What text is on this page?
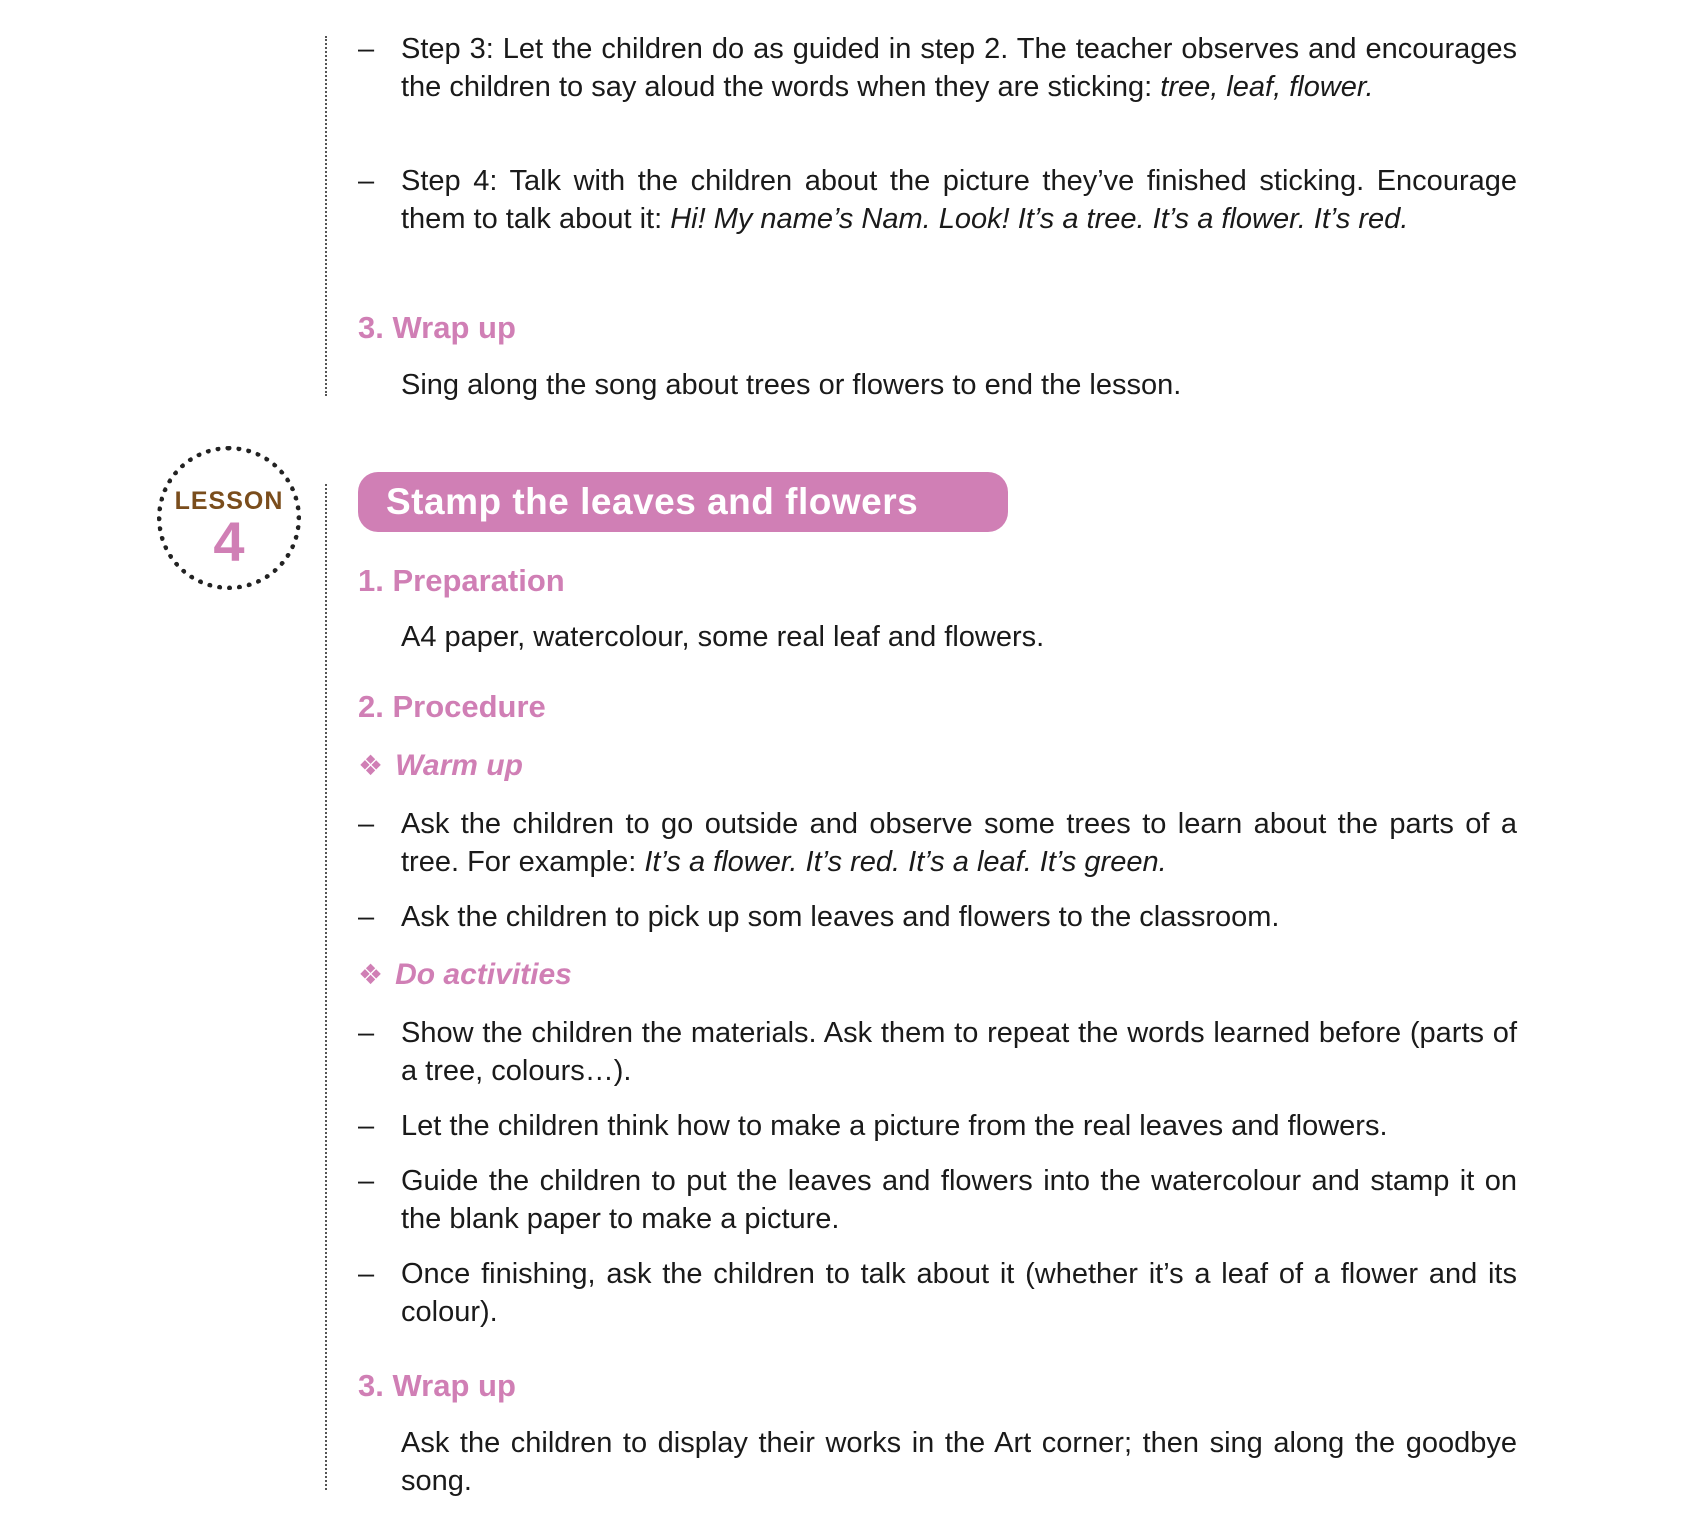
– Step 3: Let the children do as guided in step 2. The teacher observes and encourages the children to say aloud the words when they are sticking: tree, leaf, flower.
– Step 4: Talk with the children about the picture they’ve finished sticking. Encourage them to talk about it: Hi! My name’s Nam. Look! It’s a tree. It’s a flower. It’s red.
3. Wrap up

Sing along the song about trees or flowers to end the lesson.

LESSON
4
Stamp the leaves and flowers
1. Preparation

A4 paper, watercolour, some real leaf and flowers.

2. Procedure
❖ Warm up
– Ask the children to go outside and observe some trees to learn about the parts of a tree. For example: It’s a flower. It’s red. It’s a leaf. It’s green.
– Ask the children to pick up som leaves and flowers to the classroom.
❖ Do activities
– Show the children the materials. Ask them to repeat the words learned before (parts of a tree, colours…).
– Let the children think how to make a picture from the real leaves and flowers.
– Guide the children to put the leaves and flowers into the watercolour and stamp it on the blank paper to make a picture.
– Once finishing, ask the children to talk about it (whether it’s a leaf of a flower and its colour).
3. Wrap up

Ask the children to display their works in the Art corner; then sing along the goodbye song.
